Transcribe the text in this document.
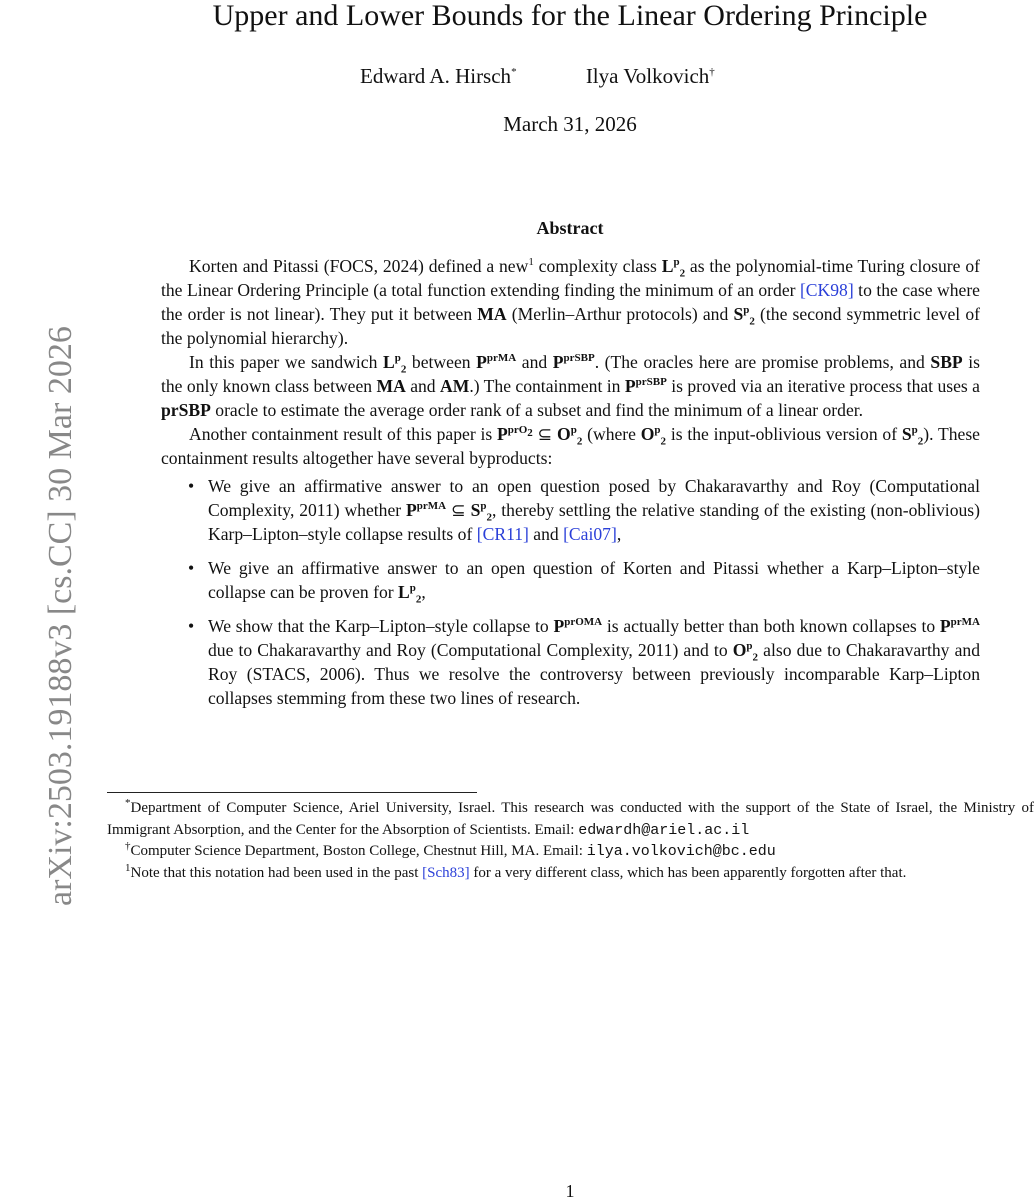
arXiv:2503.19188v3 [cs.CC] 30 Mar 2026
Upper and Lower Bounds for the Linear Ordering Principle
Edward A. Hirsch*	Ilya Volkovich†
March 31, 2026
Abstract

Korten and Pitassi (FOCS, 2024) defined a new$^1$ complexity class $L^p_2$ as the polynomial-time Turing closure of the Linear Ordering Principle (a total function extending finding the minimum of an order [CK98] to the case where the order is not linear). They put it between MA (Merlin–Arthur protocols) and $S^p_2$ (the second symmetric level of the polynomial hierarchy).

In this paper we sandwich $L^p_2$ between $P^{prMA}$ and $P^{prSBP}$. (The oracles here are promise problems, and SBP is the only known class between MA and AM.) The containment in $P^{prSBP}$ is proved via an iterative process that uses a prSBP oracle to estimate the average order rank of a subset and find the minimum of a linear order.

Another containment result of this paper is $P^{prO_2}$ ⊆ $O^p_2$ (where $O^p_2$ is the input-oblivious version of $S^p_2$). These containment results altogether have several byproducts:

• We give an affirmative answer to an open question posed by Chakaravarthy and Roy (Computational Complexity, 2011) whether $P^{prMA}$ ⊆ $S^p_2$, thereby settling the relative standing of the existing (non-oblivious) Karp–Lipton–style collapse results of [CR11] and [Cai07],
• We give an affirmative answer to an open question of Korten and Pitassi whether a Karp–Lipton–style collapse can be proven for $L^p_2$,
• We show that the Karp–Lipton–style collapse to $P^{prOMA}$ is actually better than both known collapses to $P^{prMA}$ due to Chakaravarthy and Roy (Computational Complexity, 2011) and to $O^p_2$ also due to Chakaravarthy and Roy (STACS, 2006). Thus we resolve the controversy between previously incomparable Karp–Lipton collapses stemming from these two lines of research.

*Department of Computer Science, Ariel University, Israel. This research was conducted with the support of the State of Israel, the Ministry of Immigrant Absorption, and the Center for the Absorption of Scientists. Email: edwardh@ariel.ac.il

†Computer Science Department, Boston College, Chestnut Hill, MA. Email: ilya.volkovich@bc.edu

$^1$Note that this notation had been used in the past [Sch83] for a very different class, which has been apparently forgotten after that.

1
